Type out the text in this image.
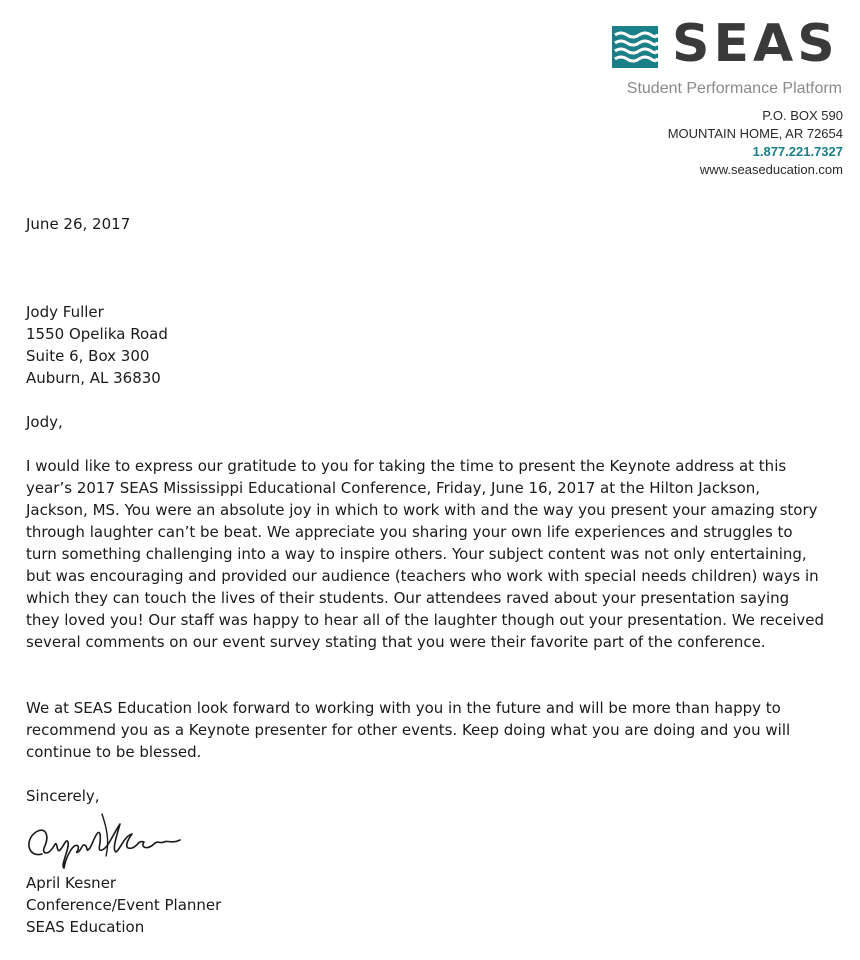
SEAS
Student Performance Platform
P.O. BOX 590
MOUNTAIN HOME, AR 72654
1.877.221.7327
www.seaseducation.com
June 26, 2017
Jody Fuller
1550 Opelika Road
Suite 6, Box 300
Auburn, AL 36830
Jody,
I would like to express our gratitude to you for taking the time to present the Keynote address at this year’s 2017 SEAS Mississippi Educational Conference, Friday, June 16, 2017 at the Hilton Jackson, Jackson, MS. You were an absolute joy in which to work with and the way you present your amazing story through laughter can’t be beat. We appreciate you sharing your own life experiences and struggles to turn something challenging into a way to inspire others. Your subject content was not only entertaining, but was encouraging and provided our audience (teachers who work with special needs children) ways in which they can touch the lives of their students. Our attendees raved about your presentation saying they loved you! Our staff was happy to hear all of the laughter though out your presentation. We received several comments on our event survey stating that you were their favorite part of the conference.
We at SEAS Education look forward to working with you in the future and will be more than happy to recommend you as a Keynote presenter for other events. Keep doing what you are doing and you will continue to be blessed.
Sincerely,
April Kesner
Conference/Event Planner
SEAS Education
